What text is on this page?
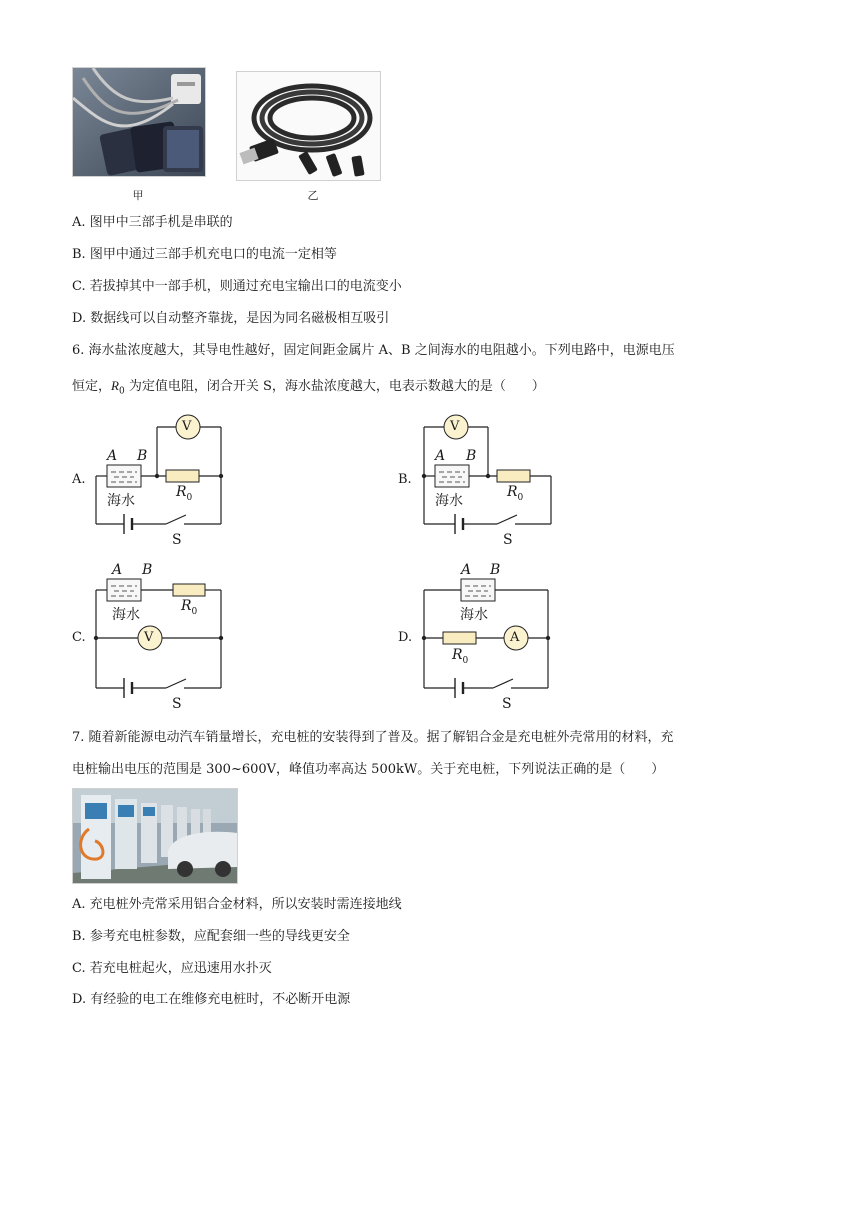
甲	乙
A. 图甲中三部手机是串联的
B. 图甲中通过三部手机充电口的电流一定相等
C. 若拔掉其中一部手机，则通过充电宝输出口的电流变小
D. 数据线可以自动整齐靠拢，是因为同名磁极相互吸引
6. 海水盐浓度越大，其导电性越好，固定间距金属片 A、B 之间海水的电阻越小。下列电路中，电源电压
恒定，$R_0$ 为定值电阻，闭合开关 S，海水盐浓度越大，电表示数越大的是（　　）
A.	B.
C.	D.
V	V
V	A
A B
海水
$R_0$
S
A B
海水
$R_0$
S
A B
海水
$R_0$
S
A B
海水
$R_0$
S
7. 随着新能源电动汽车销量增长，充电桩的安装得到了普及。据了解铝合金是充电桩外壳常用的材料，充
电桩输出电压的范围是 300~600V，峰值功率高达 500kW。关于充电桩，下列说法正确的是（　　）
A. 充电桩外壳常采用铝合金材料，所以安装时需连接地线
B. 参考充电桩参数，应配套细一些的导线更安全
C. 若充电桩起火，应迅速用水扑灭
D. 有经验的电工在维修充电桩时，不必断开电源
